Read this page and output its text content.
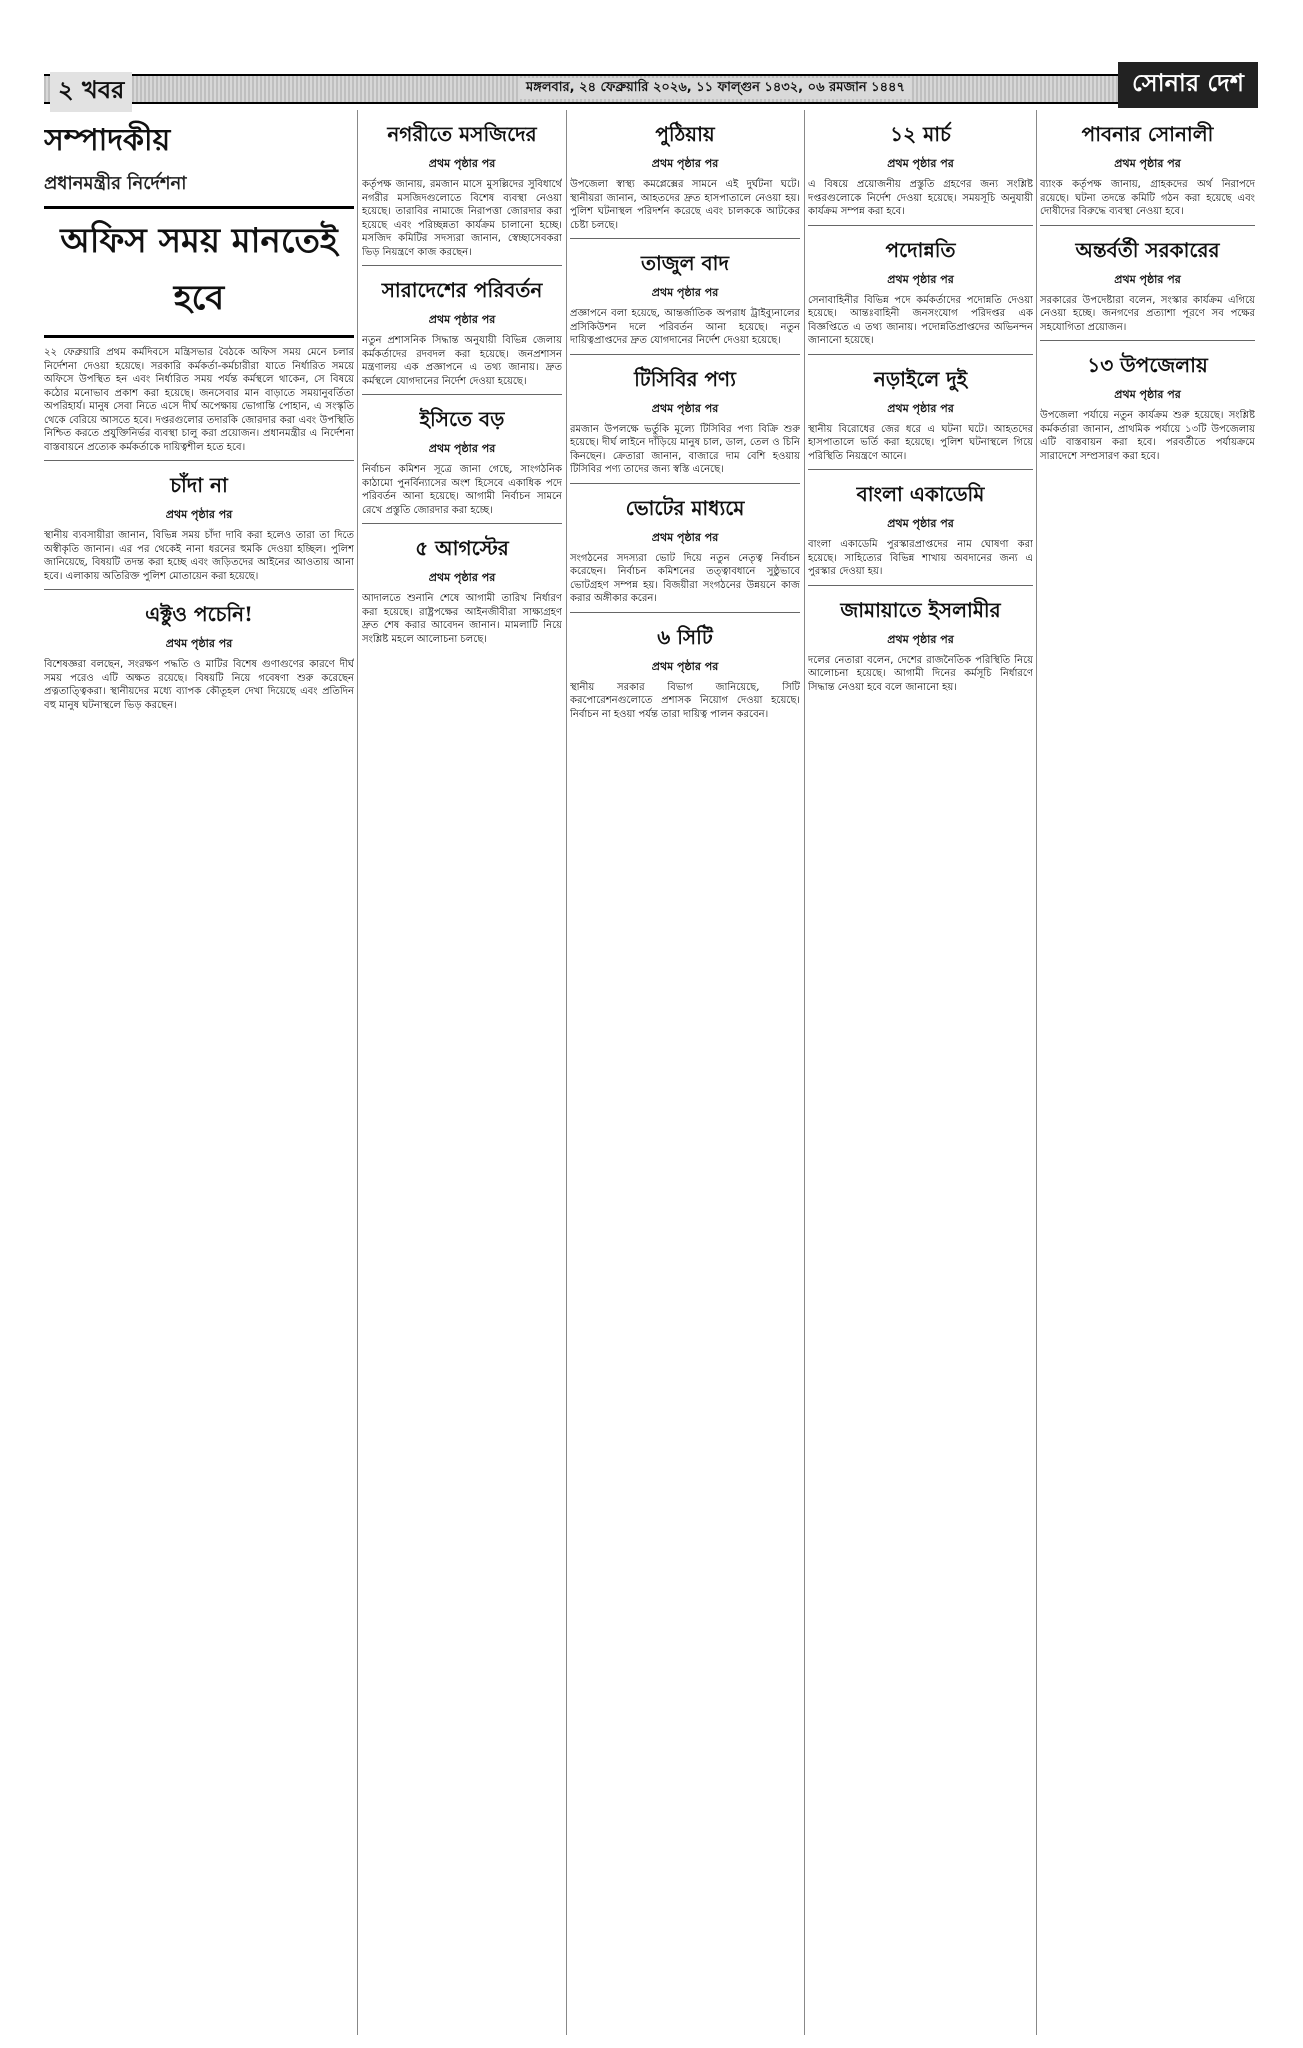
২ খবর	মঙ্গলবার, ২৪ ফেব্রুয়ারি ২০২৬, ১১ ফাল্গুন ১৪৩২, ০৬ রমজান ১৪৪৭	সোনার দেশ
সম্পাদকীয়
প্রধানমন্ত্রীর নির্দেশনা
অফিস সময় মানতেই হবে

২২ ফেব্রুয়ারি প্রথম কর্মদিবসে মন্ত্রিসভার বৈঠকে অফিস সময় মেনে চলার নির্দেশনা দেওয়া হয়েছে। সরকারি কর্মকর্তা-কর্মচারীরা যাতে নির্ধারিত সময়ে অফিসে উপস্থিত হন এবং নির্ধারিত সময় পর্যন্ত কর্মস্থলে থাকেন, সে বিষয়ে কঠোর মনোভাব প্রকাশ করা হয়েছে। জনসেবার মান বাড়াতে সময়ানুবর্তিতা অপরিহার্য। মানুষ সেবা নিতে এসে দীর্ঘ অপেক্ষায় ভোগান্তি পোহান, এ সংস্কৃতি থেকে বেরিয়ে আসতে হবে। দপ্তরগুলোর তদারকি জোরদার করা এবং উপস্থিতি নিশ্চিত করতে প্রযুক্তিনির্ভর ব্যবস্থা চালু করা প্রয়োজন। প্রধানমন্ত্রীর এ নির্দেশনা বাস্তবায়নে প্রত্যেক কর্মকর্তাকে দায়িত্বশীল হতে হবে।

চাঁদা না
প্রথম পৃষ্ঠার পর

স্থানীয় ব্যবসায়ীরা জানান, বিভিন্ন সময় চাঁদা দাবি করা হলেও তারা তা দিতে অস্বীকৃতি জানান। এর পর থেকেই নানা ধরনের হুমকি দেওয়া হচ্ছিল। পুলিশ জানিয়েছে, বিষয়টি তদন্ত করা হচ্ছে এবং জড়িতদের আইনের আওতায় আনা হবে। এলাকায় অতিরিক্ত পুলিশ মোতায়েন করা হয়েছে।

এক্টুও পচেনি!
প্রথম পৃষ্ঠার পর

বিশেষজ্ঞরা বলছেন, সংরক্ষণ পদ্ধতি ও মাটির বিশেষ গুণাগুণের কারণে দীর্ঘ সময় পরেও এটি অক্ষত রয়েছে। বিষয়টি নিয়ে গবেষণা শুরু করেছেন প্রত্নতাত্ত্বিকরা। স্থানীয়দের মধ্যে ব্যাপক কৌতূহল দেখা দিয়েছে এবং প্রতিদিন বহু মানুষ ঘটনাস্থলে ভিড় করছেন।

নগরীতে মসজিদের
প্রথম পৃষ্ঠার পর

কর্তৃপক্ষ জানায়, রমজান মাসে মুসল্লিদের সুবিধার্থে নগরীর মসজিদগুলোতে বিশেষ ব্যবস্থা নেওয়া হয়েছে। তারাবির নামাজে নিরাপত্তা জোরদার করা হয়েছে এবং পরিচ্ছন্নতা কার্যক্রম চালানো হচ্ছে। মসজিদ কমিটির সদস্যরা জানান, স্বেচ্ছাসেবকরা ভিড় নিয়ন্ত্রণে কাজ করছেন।

সারাদেশের পরিবর্তন
প্রথম পৃষ্ঠার পর

নতুন প্রশাসনিক সিদ্ধান্ত অনুযায়ী বিভিন্ন জেলায় কর্মকর্তাদের রদবদল করা হয়েছে। জনপ্রশাসন মন্ত্রণালয় এক প্রজ্ঞাপনে এ তথ্য জানায়। দ্রুত কর্মস্থলে যোগদানের নির্দেশ দেওয়া হয়েছে।

ইসিতে বড়
প্রথম পৃষ্ঠার পর

নির্বাচন কমিশন সূত্রে জানা গেছে, সাংগঠনিক কাঠামো পুনর্বিন্যাসের অংশ হিসেবে একাধিক পদে পরিবর্তন আনা হয়েছে। আগামী নির্বাচন সামনে রেখে প্রস্তুতি জোরদার করা হচ্ছে।

৫ আগস্টের
প্রথম পৃষ্ঠার পর

আদালতে শুনানি শেষে আগামী তারিখ নির্ধারণ করা হয়েছে। রাষ্ট্রপক্ষের আইনজীবীরা সাক্ষ্যগ্রহণ দ্রুত শেষ করার আবেদন জানান। মামলাটি নিয়ে সংশ্লিষ্ট মহলে আলোচনা চলছে।

পুঠিয়ায়
প্রথম পৃষ্ঠার পর

উপজেলা স্বাস্থ্য কমপ্লেক্সের সামনে এই দুর্ঘটনা ঘটে। স্থানীয়রা জানান, আহতদের দ্রুত হাসপাতালে নেওয়া হয়। পুলিশ ঘটনাস্থল পরিদর্শন করেছে এবং চালককে আটকের চেষ্টা চলছে।

তাজুল বাদ
প্রথম পৃষ্ঠার পর

প্রজ্ঞাপনে বলা হয়েছে, আন্তর্জাতিক অপরাধ ট্রাইব্যুনালের প্রসিকিউশন দলে পরিবর্তন আনা হয়েছে। নতুন দায়িত্বপ্রাপ্তদের দ্রুত যোগদানের নির্দেশ দেওয়া হয়েছে।

টিসিবির পণ্য
প্রথম পৃষ্ঠার পর

রমজান উপলক্ষে ভর্তুকি মূল্যে টিসিবির পণ্য বিক্রি শুরু হয়েছে। দীর্ঘ লাইনে দাঁড়িয়ে মানুষ চাল, ডাল, তেল ও চিনি কিনছেন। ক্রেতারা জানান, বাজারে দাম বেশি হওয়ায় টিসিবির পণ্য তাদের জন্য স্বস্তি এনেছে।

ভোটের মাধ্যমে
প্রথম পৃষ্ঠার পর

সংগঠনের সদস্যরা ভোট দিয়ে নতুন নেতৃত্ব নির্বাচন করেছেন। নির্বাচন কমিশনের তত্ত্বাবধানে সুষ্ঠুভাবে ভোটগ্রহণ সম্পন্ন হয়। বিজয়ীরা সংগঠনের উন্নয়নে কাজ করার অঙ্গীকার করেন।

৬ সিটি
প্রথম পৃষ্ঠার পর

স্থানীয় সরকার বিভাগ জানিয়েছে, সিটি করপোরেশনগুলোতে প্রশাসক নিয়োগ দেওয়া হয়েছে। নির্বাচন না হওয়া পর্যন্ত তারা দায়িত্ব পালন করবেন।

১২ মার্চ
প্রথম পৃষ্ঠার পর

এ বিষয়ে প্রয়োজনীয় প্রস্তুতি গ্রহণের জন্য সংশ্লিষ্ট দপ্তরগুলোকে নির্দেশ দেওয়া হয়েছে। সময়সূচি অনুযায়ী কার্যক্রম সম্পন্ন করা হবে।

পদোন্নতি
প্রথম পৃষ্ঠার পর

সেনাবাহিনীর বিভিন্ন পদে কর্মকর্তাদের পদোন্নতি দেওয়া হয়েছে। আন্তঃবাহিনী জনসংযোগ পরিদপ্তর এক বিজ্ঞপ্তিতে এ তথ্য জানায়। পদোন্নতিপ্রাপ্তদের অভিনন্দন জানানো হয়েছে।

নড়াইলে দুই
প্রথম পৃষ্ঠার পর

স্থানীয় বিরোধের জের ধরে এ ঘটনা ঘটে। আহতদের হাসপাতালে ভর্তি করা হয়েছে। পুলিশ ঘটনাস্থলে গিয়ে পরিস্থিতি নিয়ন্ত্রণে আনে।

বাংলা একাডেমি
প্রথম পৃষ্ঠার পর

বাংলা একাডেমি পুরস্কারপ্রাপ্তদের নাম ঘোষণা করা হয়েছে। সাহিত্যের বিভিন্ন শাখায় অবদানের জন্য এ পুরস্কার দেওয়া হয়।

জামায়াতে ইসলামীর
প্রথম পৃষ্ঠার পর

দলের নেতারা বলেন, দেশের রাজনৈতিক পরিস্থিতি নিয়ে আলোচনা হয়েছে। আগামী দিনের কর্মসূচি নির্ধারণে সিদ্ধান্ত নেওয়া হবে বলে জানানো হয়।

পাবনার সোনালী
প্রথম পৃষ্ঠার পর

ব্যাংক কর্তৃপক্ষ জানায়, গ্রাহকদের অর্থ নিরাপদে রয়েছে। ঘটনা তদন্তে কমিটি গঠন করা হয়েছে এবং দোষীদের বিরুদ্ধে ব্যবস্থা নেওয়া হবে।

অন্তর্বর্তী সরকারের
প্রথম পৃষ্ঠার পর

সরকারের উপদেষ্টারা বলেন, সংস্কার কার্যক্রম এগিয়ে নেওয়া হচ্ছে। জনগণের প্রত্যাশা পূরণে সব পক্ষের সহযোগিতা প্রয়োজন।

১৩ উপজেলায়
প্রথম পৃষ্ঠার পর

উপজেলা পর্যায়ে নতুন কার্যক্রম শুরু হয়েছে। সংশ্লিষ্ট কর্মকর্তারা জানান, প্রাথমিক পর্যায়ে ১৩টি উপজেলায় এটি বাস্তবায়ন করা হবে। পরবর্তীতে পর্যায়ক্রমে সারাদেশে সম্প্রসারণ করা হবে।
